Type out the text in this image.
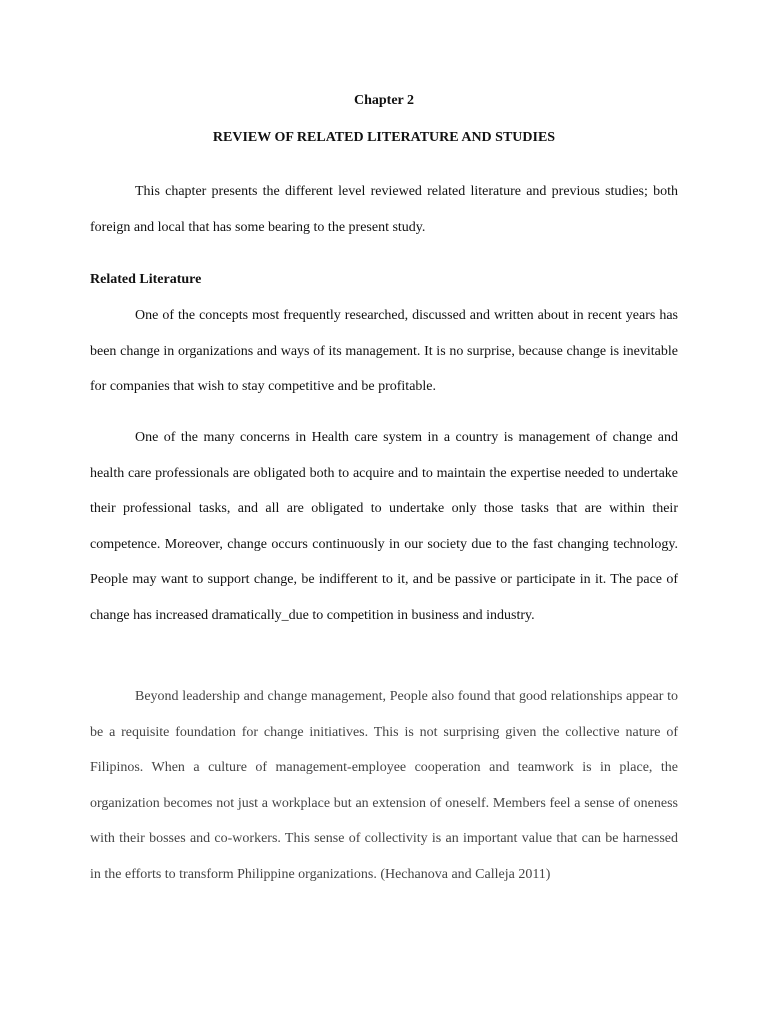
Chapter 2
REVIEW OF RELATED LITERATURE AND STUDIES

This chapter presents the different level reviewed related literature and previous studies; both foreign and local that has some bearing to the present study.

Related Literature

One of the concepts most frequently researched, discussed and written about in recent years has been change in organizations and ways of its management. It is no surprise, because change is inevitable for companies that wish to stay competitive and be profitable.

One of the many concerns in Health care system in a country is management of change and health care professionals are obligated both to acquire and to maintain the expertise needed to undertake their professional tasks, and all are obligated to undertake only those tasks that are within their competence. Moreover, change occurs continuously in our society due to the fast changing technology. People may want to support change, be indifferent to it, and be passive or participate in it. The pace of change has increased dramatically_due to competition in business and industry.

Beyond leadership and change management, People also found that good relationships appear to be a requisite foundation for change initiatives. This is not surprising given the collective nature of Filipinos. When a culture of management-employee cooperation and teamwork is in place, the organization becomes not just a workplace but an extension of oneself. Members feel a sense of oneness with their bosses and co-workers. This sense of collectivity is an important value that can be harnessed in the efforts to transform Philippine organizations. (Hechanova and Calleja 2011)
